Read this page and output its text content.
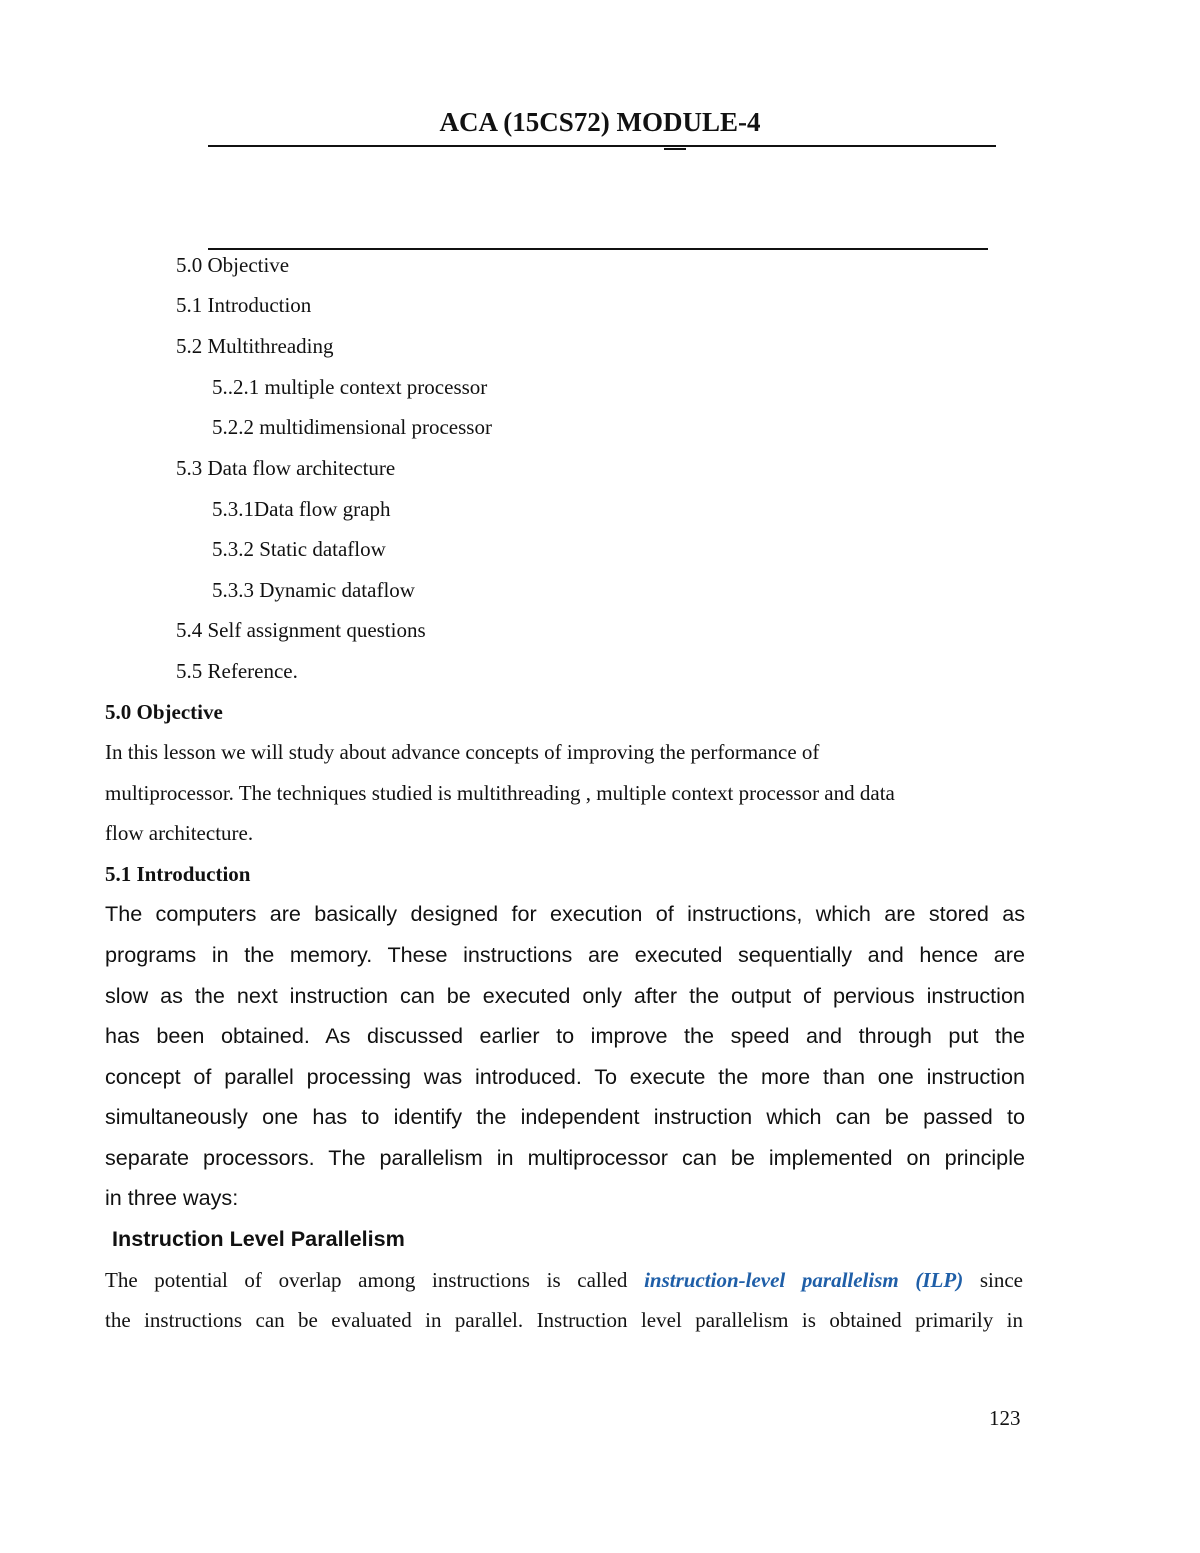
ACA (15CS72) MODULE-4
5.0 Objective
5.1 Introduction
5.2 Multithreading
5..2.1 multiple context processor
5.2.2 multidimensional processor
5.3 Data flow architecture
5.3.1Data flow graph
5.3.2 Static dataflow
5.3.3 Dynamic dataflow
5.4 Self assignment questions
5.5 Reference.
5.0 Objective
In this lesson we will study about advance concepts of improving the performance of
multiprocessor. The techniques studied is multithreading , multiple context processor and data
flow architecture.
5.1 Introduction
The computers are basically designed for execution of instructions, which are stored as
programs in the memory. These instructions are executed sequentially and hence are
slow as the next instruction can be executed only after the output of pervious instruction
has been obtained. As discussed earlier to improve the speed and through put the
concept of parallel processing was introduced. To execute the more than one instruction
simultaneously one has to identify the independent instruction which can be passed to
separate processors. The parallelism in multiprocessor can be implemented on principle
in three ways:
Instruction Level Parallelism
The potential of overlap among instructions is called instruction-level parallelism (ILP) since
the instructions can be evaluated in parallel. Instruction level parallelism is obtained primarily in
123
